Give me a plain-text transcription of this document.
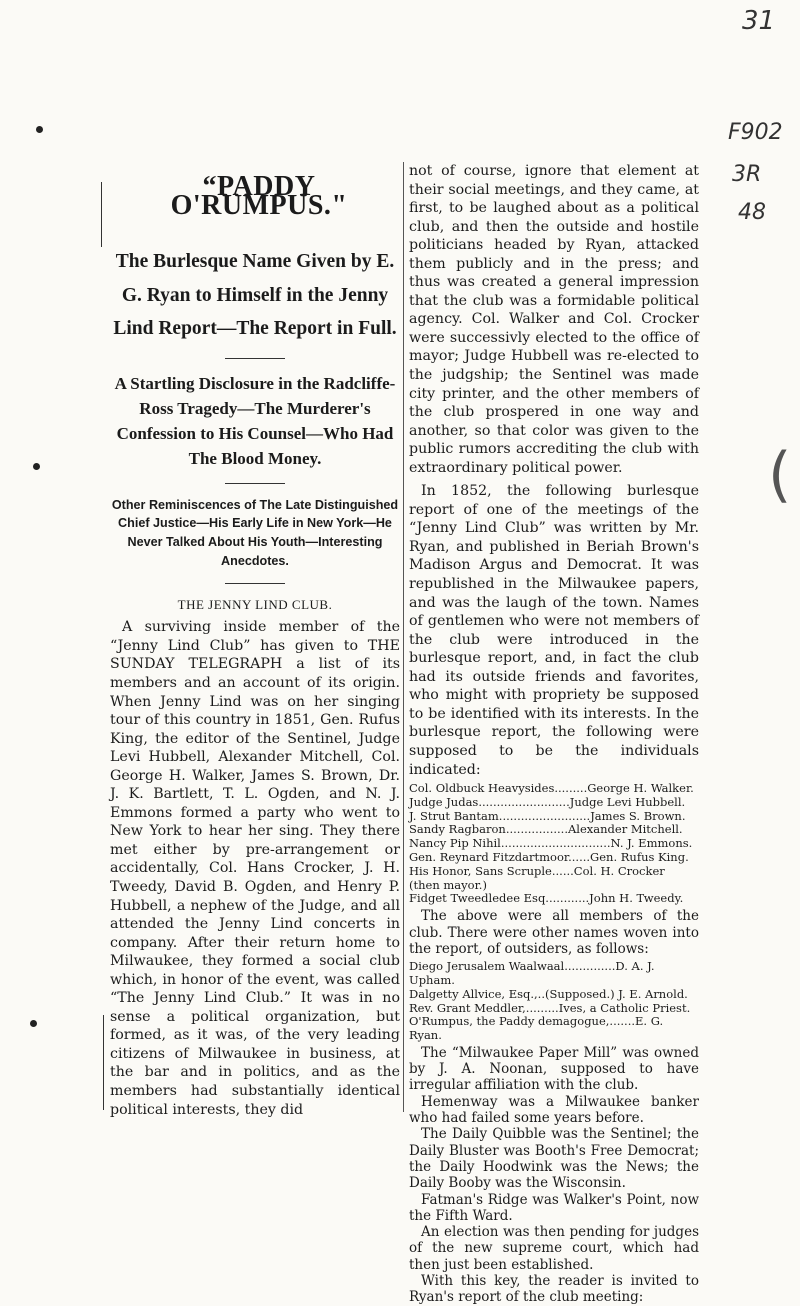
31
F902
3R
48
(
“PADDY O'RUMPUS."
The Burlesque Name Given by E. G. Ryan to Himself in the Jenny Lind Report—The Report in Full.
A Startling Disclosure in the Radcliffe-Ross Tragedy—The Murderer's Confession to His Counsel—Who Had The Blood Money.
Other Reminiscences of The Late Distinguished Chief Justice—His Early Life in New York—He Never Talked About His Youth—Interesting Anecdotes.
THE JENNY LIND CLUB.

A surviving inside member of the “Jenny Lind Club” has given to THE SUNDAY TELEGRAPH a list of its members and an account of its origin. When Jenny Lind was on her singing tour of this country in 1851, Gen. Rufus King, the editor of the Sentinel, Judge Levi Hubbell, Alexander Mitchell, Col. George H. Walker, James S. Brown, Dr. J. K. Bartlett, T. L. Ogden, and N. J. Emmons formed a party who went to New York to hear her sing. They there met either by pre-arrangement or accidentally, Col. Hans Crocker, J. H. Tweedy, David B. Ogden, and Henry P. Hubbell, a nephew of the Judge, and all attended the Jenny Lind concerts in company. After their return home to Milwaukee, they formed a social club which, in honor of the event, was called “The Jenny Lind Club.” It was in no sense a political organization, but formed, as it was, of the very leading citizens of Milwaukee in business, at the bar and in politics, and as the members had substantially identical political interests, they did

not of course, ignore that element at their social meetings, and they came, at first, to be laughed about as a political club, and then the outside and hostile politicians headed by Ryan, attacked them publicly and in the press; and thus was created a general impression that the club was a formidable political agency. Col. Walker and Col. Crocker were successivly elected to the office of mayor; Judge Hubbell was re-elected to the judgship; the Sentinel was made city printer, and the other members of the club prospered in one way and another, so that color was given to the public rumors accrediting the club with extraordinary political power.

In 1852, the following burlesque report of one of the meetings of the “Jenny Lind Club” was written by Mr. Ryan, and published in Beriah Brown's Madison Argus and Democrat. It was republished in the Milwaukee papers, and was the laugh of the town. Names of gentlemen who were not members of the club were introduced in the burlesque report, and, in fact the club had its outside friends and favorites, who might with propriety be supposed to be identified with its interests. In the burlesque report, the following were supposed to be the individuals indicated:

Col. Oldbuck Heavysides.........George H. Walker.
Judge Judas.........................Judge Levi Hubbell.
J. Strut Bantam.........................James S. Brown.
Sandy Ragbaron.................Alexander Mitchell.
Nancy Pip Nihil..............................N. J. Emmons.
Gen. Reynard Fitzdartmoor......Gen. Rufus King.
His Honor, Sans Scruple......Col. H. Crocker (then mayor.)
Fidget Tweedledee Esq............John H. Tweedy.

The above were all members of the club. There were other names woven into the report, of outsiders, as follows:

Diego Jerusalem Waalwaal..............D. A. J. Upham.
Dalgetty Allvice, Esq.,..(Supposed.) J. E. Arnold.
Rev. Grant Meddler,.........Ives, a Catholic Priest.
O'Rumpus, the Paddy demagogue,.......E. G. Ryan.

The “Milwaukee Paper Mill” was owned by J. A. Noonan, supposed to have irregular affiliation with the club.

Hemenway was a Milwaukee banker who had failed some years before.

The Daily Quibble was the Sentinel; the Daily Bluster was Booth's Free Democrat; the Daily Hoodwink was the News; the Daily Booby was the Wisconsin.

Fatman's Ridge was Walker's Point, now the Fifth Ward.

An election was then pending for judges of the new supreme court, which had then just been established.

With this key, the reader is invited to Ryan's report of the club meeting:
